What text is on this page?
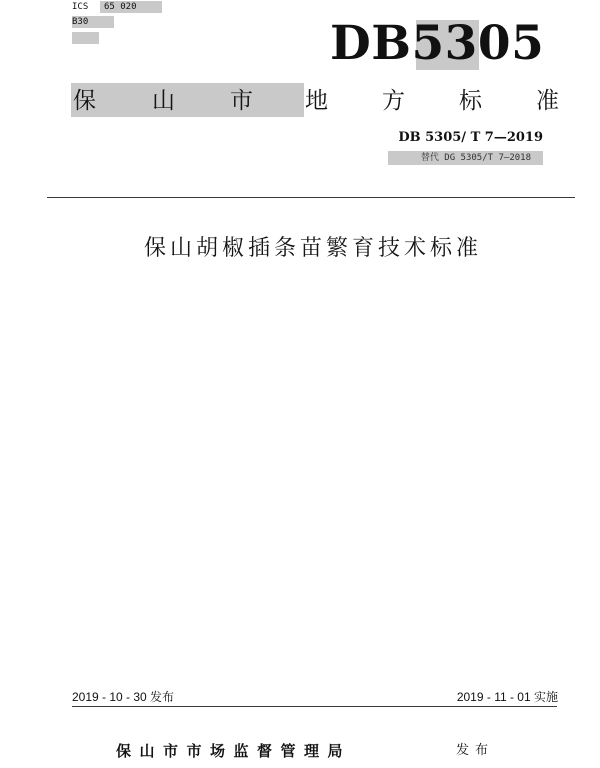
ICS	65 020
B30	DB5305
保 山 市 地 方 标 准
DB 5305/ T 7—2019
替代 DG 5305/T 7—2018
保山胡椒插条苗繁育技术标准
2019 - 10 - 30 发布	2019 - 11 - 01 实施
保山市市场监督管理局	发布
